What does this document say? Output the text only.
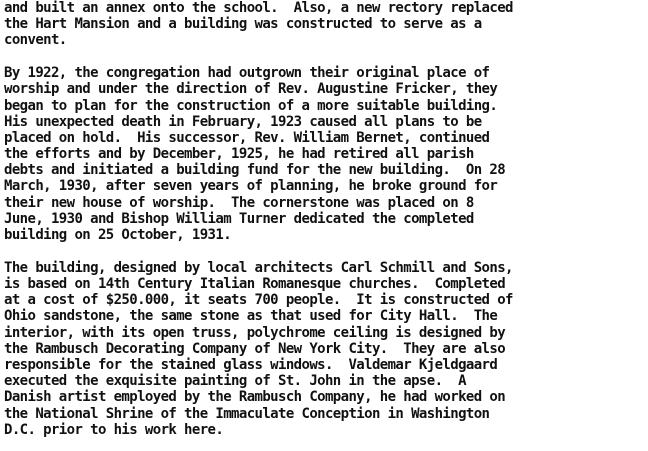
and built an annex onto the school.  Also, a new rectory replaced
the Hart Mansion and a building was constructed to serve as a
convent.
By 1922, the congregation had outgrown their original place of
worship and under the direction of Rev. Augustine Fricker, they
began to plan for the construction of a more suitable building.
His unexpected death in February, 1923 caused all plans to be
placed on hold.  His successor, Rev. William Bernet, continued
the efforts and by December, 1925, he had retired all parish
debts and initiated a building fund for the new building.  On 28
March, 1930, after seven years of planning, he broke ground for
their new house of worship.  The cornerstone was placed on 8
June, 1930 and Bishop William Turner dedicated the completed
building on 25 October, 1931.
The building, designed by local architects Carl Schmill and Sons,
is based on 14th Century Italian Romanesque churches.  Completed
at a cost of $250.000, it seats 700 people.  It is constructed of
Ohio sandstone, the same stone as that used for City Hall.  The
interior, with its open truss, polychrome ceiling is designed by
the Rambusch Decorating Company of New York City.  They are also
responsible for the stained glass windows.  Valdemar Kjeldgaard
executed the exquisite painting of St. John in the apse.  A
Danish artist employed by the Rambusch Company, he had worked on
the National Shrine of the Immaculate Conception in Washington
D.C. prior to his work here.
